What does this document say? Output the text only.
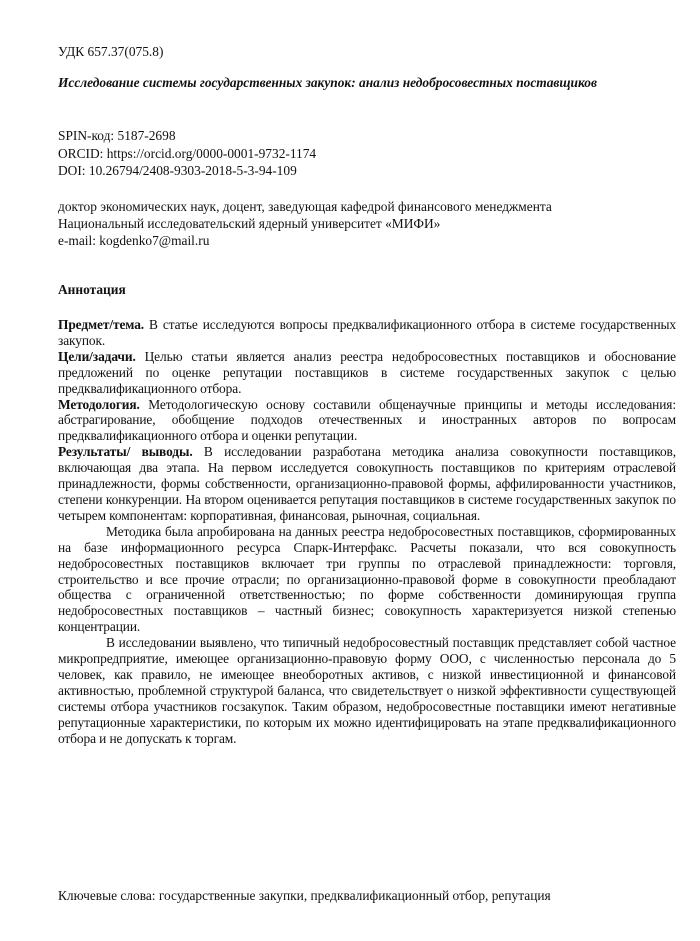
УДК 657.37(075.8)
Исследование системы государственных закупок: анализ недобросовестных поставщиков
SPIN-код: 5187-2698
ORCID: https://orcid.org/0000-0001-9732-1174
DOI: 10.26794/2408-9303-2018-5-3-94-109
доктор экономических наук, доцент, заведующая кафедрой финансового менеджмента
Национальный исследовательский ядерный университет «МИФИ»
e-mail: kogdenko7@mail.ru
Аннотация

Предмет/тема. В статье исследуются вопросы предквалификационного отбора в системе государственных закупок.

Цели/задачи. Целью статьи является анализ реестра недобросовестных поставщиков и обоснование предложений по оценке репутации поставщиков в системе государственных закупок с целью предквалификационного отбора.

Методология. Методологическую основу составили общенаучные принципы и методы исследования: абстрагирование, обобщение подходов отечественных и иностранных авторов по вопросам предквалификационного отбора и оценки репутации.

Результаты/ выводы. В исследовании разработана методика анализа совокупности поставщиков, включающая два этапа. На первом исследуется совокупность поставщиков по критериям отраслевой принадлежности, формы собственности, организационно-правовой формы, аффилированности участников, степени конкуренции. На втором оценивается репутация поставщиков в системе государственных закупок по четырем компонентам: корпоративная, финансовая, рыночная, социальная.

Методика была апробирована на данных реестра недобросовестных поставщиков, сформированных на базе информационного ресурса Спарк-Интерфакс. Расчеты показали, что вся совокупность недобросовестных поставщиков включает три группы по отраслевой принадлежности: торговля, строительство и все прочие отрасли; по организационно-правовой форме в совокупности преобладают общества с ограниченной ответственностью; по форме собственности доминирующая группа недобросовестных поставщиков – частный бизнес; совокупность характеризуется низкой степенью концентрации.

В исследовании выявлено, что типичный недобросовестный поставщик представляет собой частное микропредприятие, имеющее организационно-правовую форму ООО, с численностью персонала до 5 человек, как правило, не имеющее внеоборотных активов, с низкой инвестиционной и финансовой активностью, проблемной структурой баланса, что свидетельствует о низкой эффективности существующей системы отбора участников госзакупок. Таким образом, недобросовестные поставщики имеют негативные репутационные характеристики, по которым их можно идентифицировать на этапе предквалификационного отбора и не допускать к торгам.

Ключевые слова: государственные закупки, предквалификационный отбор, репутация
